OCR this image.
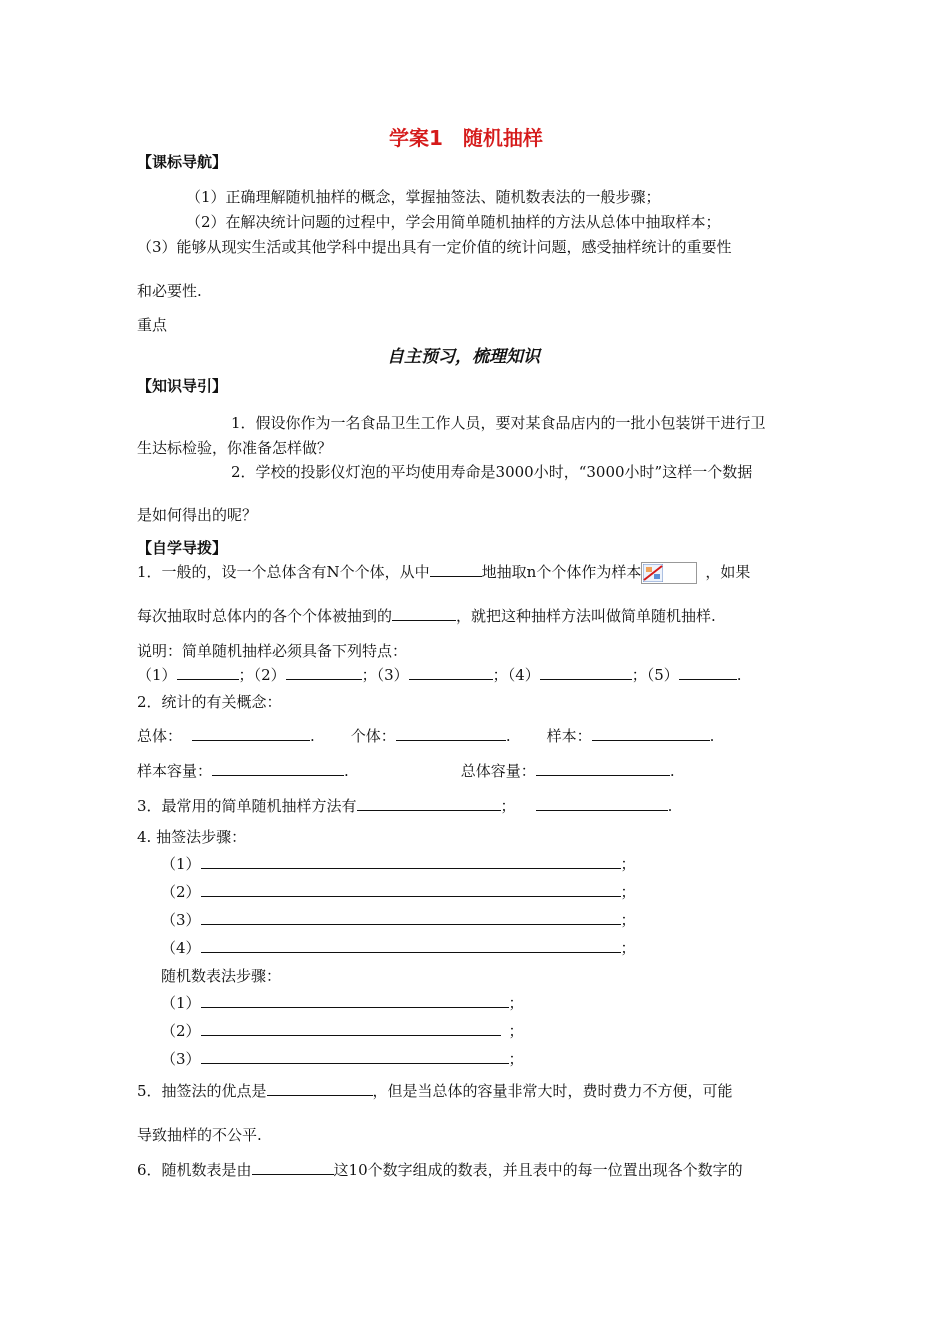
学案1　随机抽样
【课标导航】
（1）正确理解随机抽样的概念，掌握抽签法、随机数表法的一般步骤；
（2）在解决统计问题的过程中，学会用简单随机抽样的方法从总体中抽取样本；
（3）能够从现实生活或其他学科中提出具有一定价值的统计问题，感受抽样统计的重要性
和必要性.
重点
自主预习，梳理知识
【知识导引】
1．假设你作为一名食品卫生工作人员，要对某食品店内的一批小包装饼干进行卫
生达标检验，你准备怎样做？
2．学校的投影仪灯泡的平均使用寿命是3000小时，“3000小时”这样一个数据
是如何得出的呢？
【自学导拨】
1．一般的，设一个总体含有N个个体，从中	地抽取n个个体作为样本	，如果
每次抽取时总体内的各个个体被抽到的	，就把这种抽样方法叫做简单随机抽样.
说明：简单随机抽样必须具备下列特点：
（1）	；（2）	；（3）	；（4）	；（5）	.
2．统计的有关概念：
总体：	. 个体：	. 样本：	.
样本容量：	.	总体容量：	.
3．最常用的简单随机抽样方法有	；	.
4. 抽签法步骤：
（1）	；
（2）	；
（3）	；
（4）	；
随机数表法步骤：
（1）	；
（2）	；
（3）	；
5．抽签法的优点是	，但是当总体的容量非常大时，费时费力不方便，可能
导致抽样的不公平.
6．随机数表是由	这10个数字组成的数表，并且表中的每一位置出现各个数字的
